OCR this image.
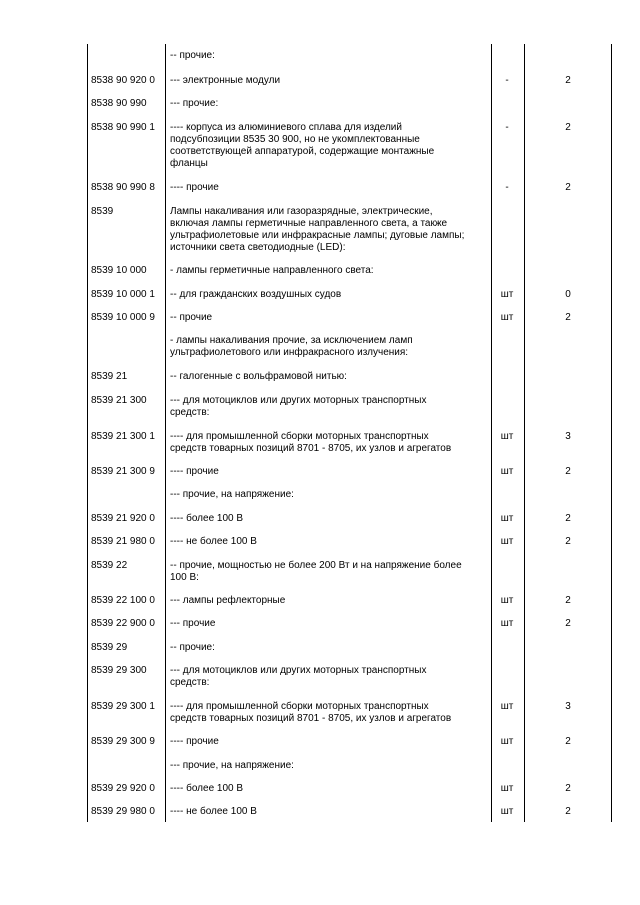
-- прочие:
8538 90 920 0 --- электронные модули	-	2
8538 90 990 --- прочие:
8538 90 990 1 ---- корпуса из алюминиевого сплава для изделий
подсубпозиции 8535 30 900, но не укомплектованные
соответствующей аппаратурой, содержащие монтажные
фланцы
-	2
8538 90 990 8 ---- прочие	-	2
8539	Лампы накаливания или газоразрядные, электрические,
включая лампы герметичные направленного света, а также
ультрафиолетовые или инфракрасные лампы; дуговые лампы;
источники света светодиодные (LED):
8539 10 000 - лампы герметичные направленного света:
8539 10 000 1 -- для гражданских воздушных судов	шт	0
8539 10 000 9 -- прочие	шт	2
- лампы накаливания прочие, за исключением ламп
ультрафиолетового или инфракрасного излучения:
8539 21	-- галогенные с вольфрамовой нитью:
8539 21 300 --- для мотоциклов или других моторных транспортных
средств:
8539 21 300 1 ---- для промышленной сборки моторных транспортных
средств товарных позиций 8701 - 8705, их узлов и агрегатов
шт	3
8539 21 300 9 ---- прочие	шт	2
--- прочие, на напряжение:
8539 21 920 0 ---- более 100 В	шт	2
8539 21 980 0 ---- не более 100 В	шт	2
8539 22	-- прочие, мощностью не более 200 Вт и на напряжение более
100 В:
8539 22 100 0 --- лампы рефлекторные	шт	2
8539 22 900 0 --- прочие	шт	2
8539 29	-- прочие:
8539 29 300 --- для мотоциклов или других моторных транспортных
средств:
8539 29 300 1 ---- для промышленной сборки моторных транспортных
средств товарных позиций 8701 - 8705, их узлов и агрегатов
шт	3
8539 29 300 9 ---- прочие	шт	2
--- прочие, на напряжение:
8539 29 920 0 ---- более 100 В	шт	2
8539 29 980 0 ---- не более 100 В	шт	2
